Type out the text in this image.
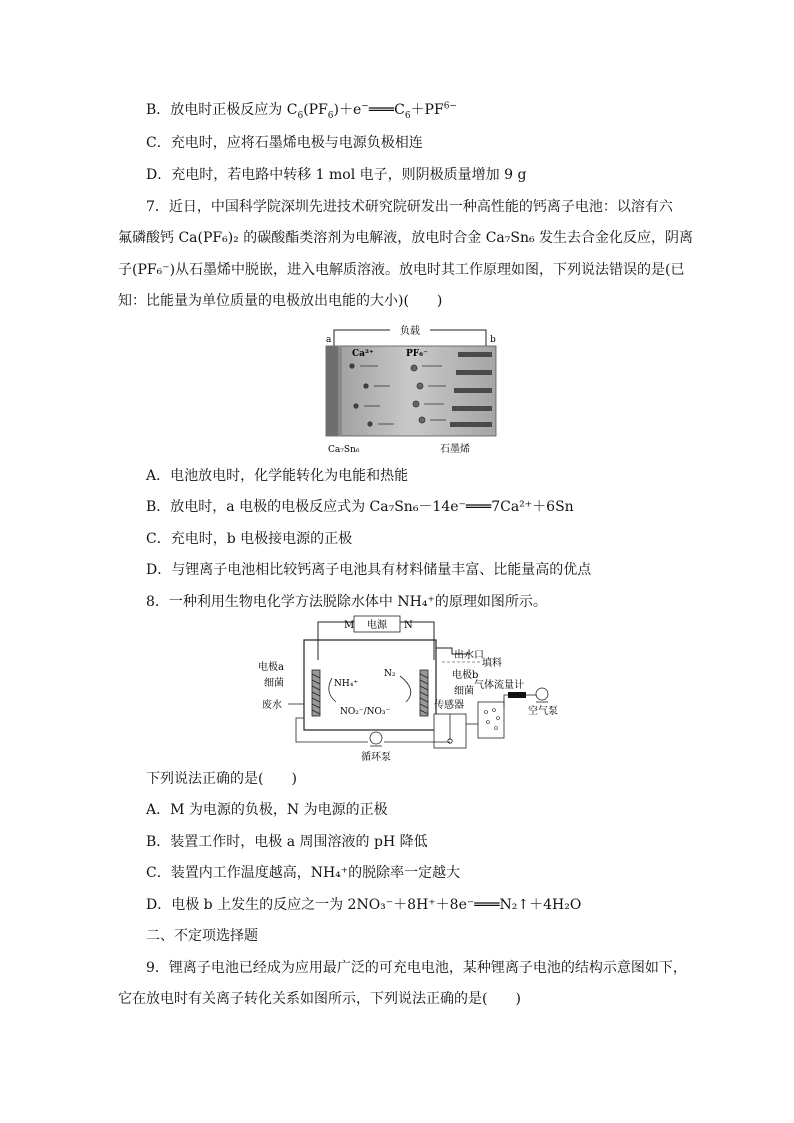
B．放电时正极反应为 $C_6(PF_6)+e^-═══C_6+PF^{6-}$
C．充电时，应将石墨烯电极与电源负极相连
D．充电时，若电路中转移 1 mol 电子，则阴极质量增加 9 g
7．近日，中国科学院深圳先进技术研究院研发出一种高性能的钙离子电池：以溶有六
氟磷酸钙 Ca(PF₆)₂ 的碳酸酯类溶剂为电解液，放电时合金 Ca₇Sn₆ 发生去合金化反应，阴离
子(PF₆⁻)从石墨烯中脱嵌，进入电解质溶液。放电时其工作原理如图，下列说法错误的是(已
知：比能量为单位质量的电极放出电能的大小)(　　)
负载
a	b
Ca²⁺	PF₆⁻
Ca₇Sn₆	石墨烯
A．电池放电时，化学能转化为电能和热能
B．放电时，a 电极的电极反应式为 Ca₇Sn₆－14e⁻═══7Ca²⁺＋6Sn
C．充电时，b 电极接电源的正极
D．与锂离子电池相比较钙离子电池具有材料储量丰富、比能量高的优点
8．一种利用生物电化学方法脱除水体中 NH₄⁺的原理如图所示。
电源
M	N
出水口
填料
电极a
细菌
废水
NH₄⁺
NO₂⁻/NO₃⁻
N₂	电极b
细菌
传感器
气体流量计
空气泵
循环泵
下列说法正确的是(　　)
A．M 为电源的负极，N 为电源的正极
B．装置工作时，电极 a 周围溶液的 pH 降低
C．装置内工作温度越高，NH₄⁺的脱除率一定越大
D．电极 b 上发生的反应之一为 2NO₃⁻＋8H⁺＋8e⁻═══N₂↑＋4H₂O
二、不定项选择题
9．锂离子电池已经成为应用最广泛的可充电电池，某种锂离子电池的结构示意图如下，
它在放电时有关离子转化关系如图所示，下列说法正确的是(　　)
